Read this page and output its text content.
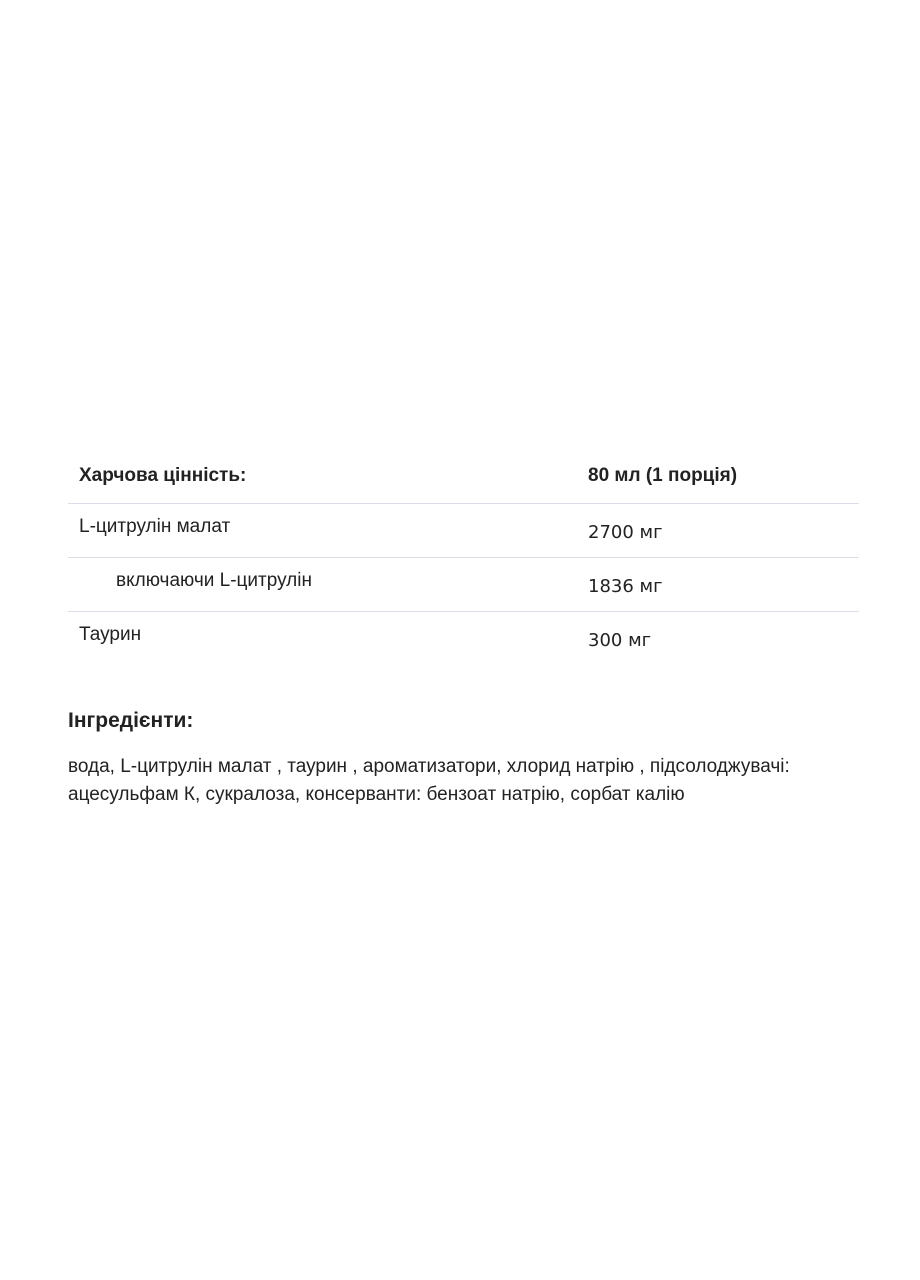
Харчова цінність:	80 мл (1 порція)
L-цитрулін малат	2700 мг
включаючи L-цитрулін	1836 мг
Таурин	300 мг
Інгредієнти:

вода, L-цитрулін малат , таурин , ароматизатори, хлорид натрію , підсолоджувачі:
ацесульфам К, сукралоза, консерванти: бензоат натрію, сорбат калію
